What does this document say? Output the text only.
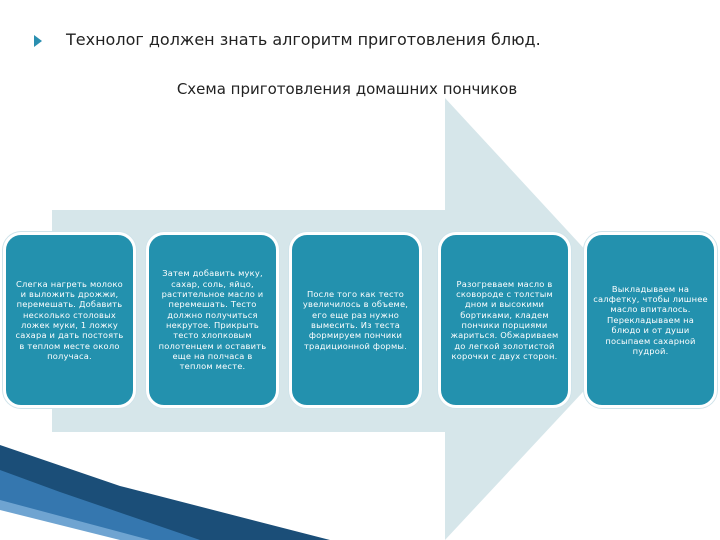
Технолог должен знать алгоритм приготовления блюд.
Схема приготовления домашних пончиков
Слегка нагреть молоко и выложить дрожжи, перемешать. Добавить несколько столовых ложек муки, 1 ложку сахара и дать постоять в теплом месте около получаса.
Затем добавить муку, сахар, соль, яйцо, растительное масло и перемешать. Тесто должно получиться некрутое. Прикрыть тесто хлопковым полотенцем и оставить еще на полчаса в теплом месте.
После того как тесто увеличилось в объеме, его еще раз нужно вымесить. Из теста формируем пончики традиционной формы.
Разогреваем масло в сковороде с толстым дном и высокими бортиками, кладем пончики порциями жариться. Обжариваем до легкой золотистой корочки с двух сторон.
Выкладываем на салфетку, чтобы лишнее масло впиталось. Перекладываем на блюдо и от души посыпаем сахарной пудрой.
